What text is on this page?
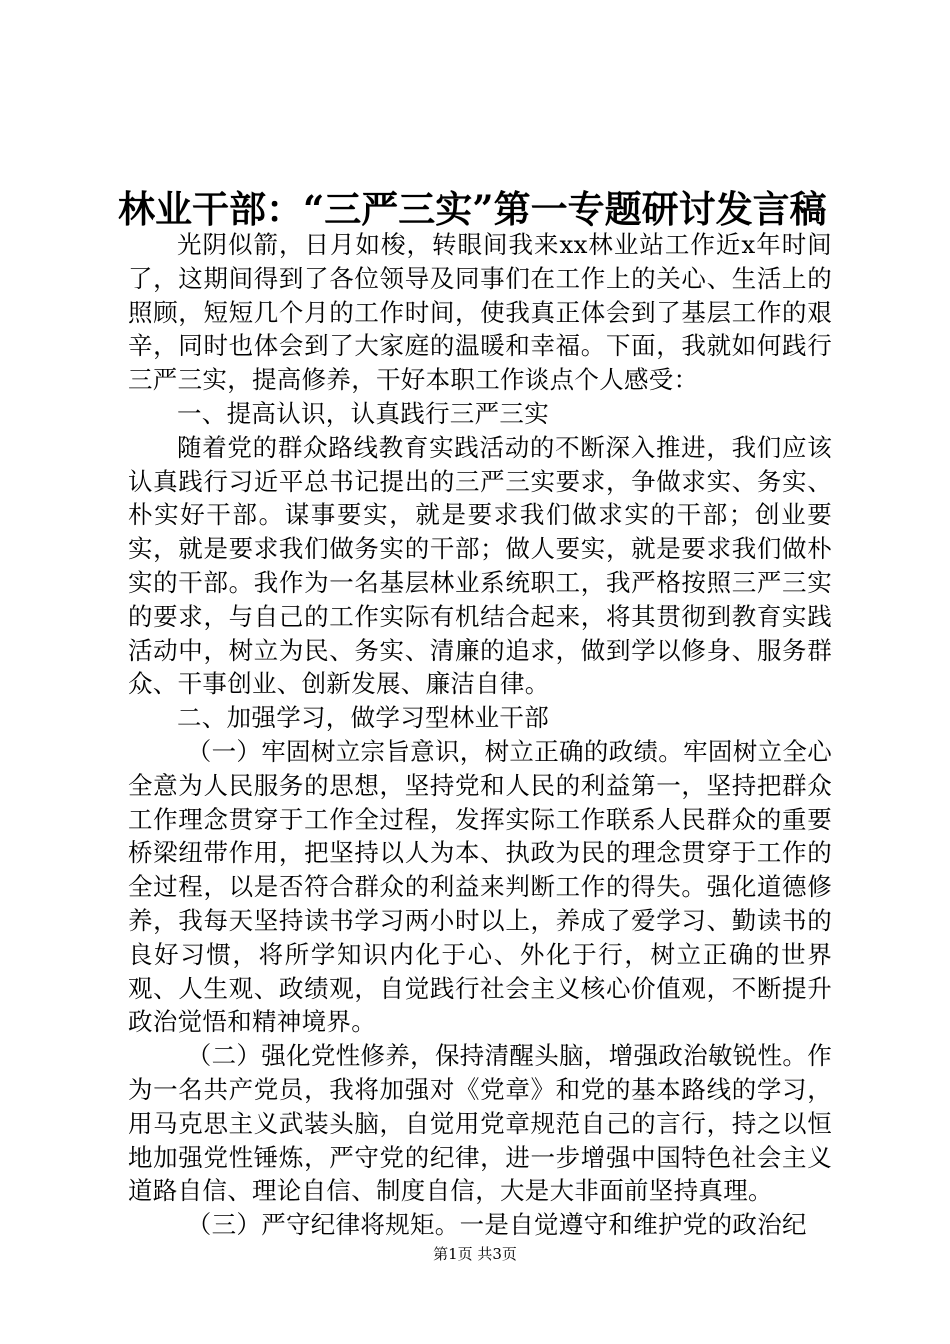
林业干部：“三严三实”第一专题研讨发言稿

光阴似箭，日月如梭，转眼间我来xx林业站工作近x年时间了，这期间得到了各位领导及同事们在工作上的关心、生活上的照顾，短短几个月的工作时间，使我真正体会到了基层工作的艰辛，同时也体会到了大家庭的温暖和幸福。下面，我就如何践行三严三实，提高修养，干好本职工作谈点个人感受：

一、提高认识，认真践行三严三实

随着党的群众路线教育实践活动的不断深入推进，我们应该认真践行习近平总书记提出的三严三实要求，争做求实、务实、朴实好干部。谋事要实，就是要求我们做求实的干部；创业要实，就是要求我们做务实的干部；做人要实，就是要求我们做朴实的干部。我作为一名基层林业系统职工，我严格按照三严三实的要求，与自己的工作实际有机结合起来，将其贯彻到教育实践活动中，树立为民、务实、清廉的追求，做到学以修身、服务群众、干事创业、创新发展、廉洁自律。

二、加强学习，做学习型林业干部

（一）牢固树立宗旨意识，树立正确的政绩。牢固树立全心全意为人民服务的思想，坚持党和人民的利益第一，坚持把群众工作理念贯穿于工作全过程，发挥实际工作联系人民群众的重要桥梁纽带作用，把坚持以人为本、执政为民的理念贯穿于工作的全过程，以是否符合群众的利益来判断工作的得失。强化道德修养，我每天坚持读书学习两小时以上，养成了爱学习、勤读书的良好习惯，将所学知识内化于心、外化于行，树立正确的世界观、人生观、政绩观，自觉践行社会主义核心价值观，不断提升政治觉悟和精神境界。

（二）强化党性修养，保持清醒头脑，增强政治敏锐性。作为一名共产党员，我将加强对《党章》和党的基本路线的学习，用马克思主义武装头脑，自觉用党章规范自己的言行，持之以恒地加强党性锤炼，严守党的纪律，进一步增强中国特色社会主义道路自信、理论自信、制度自信，大是大非面前坚持真理。

（三）严守纪律将规矩。一是自觉遵守和维护党的政治纪

第1页 共3页
